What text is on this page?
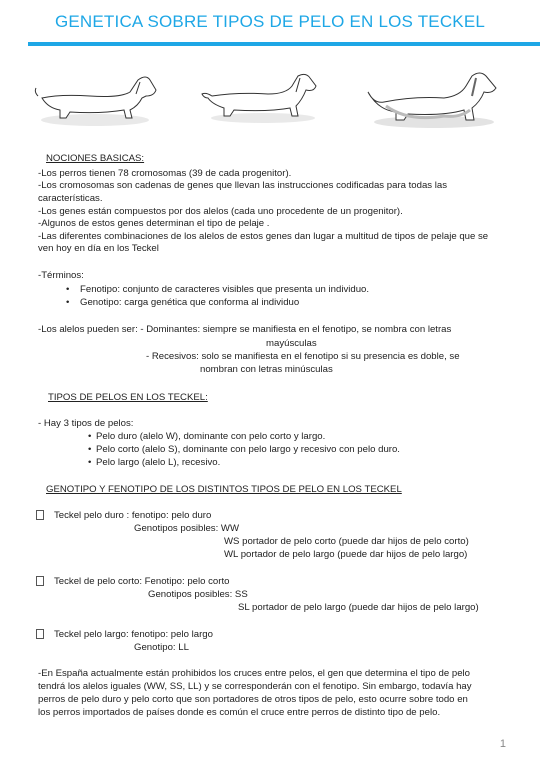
GENETICA SOBRE TIPOS DE PELO EN LOS TECKEL
NOCIONES BASICAS:
-Los perros tienen 78 cromosomas (39 de cada progenitor).
-Los cromosomas son cadenas de genes que llevan las instrucciones codificadas para todas las
características.
-Los genes están compuestos por dos alelos (cada uno procedente de un progenitor).
-Algunos de estos genes determinan el tipo de pelaje .
-Las diferentes combinaciones de los alelos de estos genes dan lugar a multitud de tipos de pelaje que se
ven hoy en día en los Teckel
-Términos:
• Fenotipo: conjunto de caracteres visibles que presenta un individuo.
• Genotipo: carga genética que conforma al individuo
-Los alelos pueden ser: - Dominantes: siempre se manifiesta en el fenotipo, se nombra con letras
mayúsculas
- Recesivos: solo se manifiesta en el fenotipo si su presencia es doble, se
nombran con letras minúsculas
TIPOS DE PELOS EN LOS TECKEL:
- Hay 3 tipos de pelos:
• Pelo duro (alelo W), dominante con pelo corto y largo.
• Pelo corto (alelo S), dominante con pelo largo y recesivo con pelo duro.
• Pelo largo (alelo L), recesivo.
GENOTIPO Y FENOTIPO DE LOS DISTINTOS TIPOS DE PELO EN LOS TECKEL
Teckel pelo duro : fenotipo: pelo duro
Genotipos posibles: WW
WS portador de pelo corto (puede dar hijos de pelo corto)
WL portador de pelo largo (puede dar hijos de pelo largo)
Teckel de pelo corto: Fenotipo: pelo corto
Genotipos posibles: SS
SL portador de pelo largo (puede dar hijos de pelo largo)
Teckel pelo largo: fenotipo: pelo largo
Genotipo: LL
-En España actualmente están prohibidos los cruces entre pelos, el gen que determina el tipo de pelo
tendrá los alelos iguales (WW, SS, LL) y se corresponderán con el fenotipo. Sin embargo, todavía hay
perros de pelo duro y pelo corto que son portadores de otros tipos de pelo, esto ocurre sobre todo en
los perros importados de países donde es común el cruce entre perros de distinto tipo de pelo.
1
